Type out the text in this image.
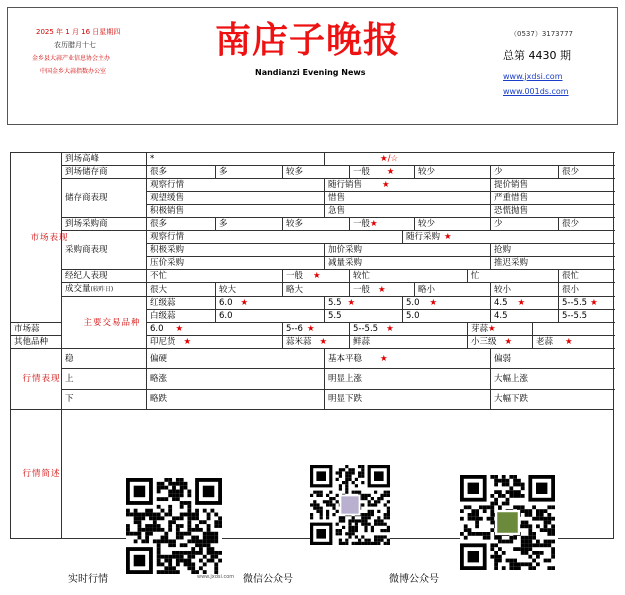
2025 年 1 月 16 日星期四
农历腊月十七
金乡县大蒜产业信息协会主办
中国金乡大蒜指数办公室
南店子晚报
Nandianzi Evening News
（0537）3173777
总第 4430 期
www.jxdsi.com
www.001ds.com
市场表现	到场高峰	*			★/☆							
	到场储存商	很多	多	较多		一般 ★		较少		少		很少
	储存商表现	观察行情			随行销售 ★					提价销售		
		观望缓售			惜售					严重惜售		
		积极销售			急售					恐慌抛售		
	到场采购商	很多	多	较多		一般★		较少		少		很少
	采购商表现	观察行情					随行采购 ★					
		积极采购			加价采购					抢购		
		压价采购			减量采购					推迟采购		
	经纪人表现	不忙		一般 ★		较忙			忙			很忙
	成交量(较昨日)	很大	较大	略大		一般 ★		略小		较小		很小

	主要交易品种	红级蒜	6.0 ★		5.5 ★		5.0 ★			4.5 ★		5--5.5 ★
		白级蒜	6.0		5.5		5.0			4.5		5--5.5
市场蒜		6.0 ★		5--6 ★		5--5.5 ★			芽蒜★			
其他品种		印尼货 ★		蒜米蒜 ★		鲜蒜			小三级 ★		老蒜 ★	

行情表现	稳	偏硬			基本平稳 ★					偏弱		
	上	略涨			明显上涨					大幅上涨		
	下	略跌			明显下跌					大幅下跌		

行情简述												

www.jxdsi.com
实时行情	微信公众号	微博公众号
